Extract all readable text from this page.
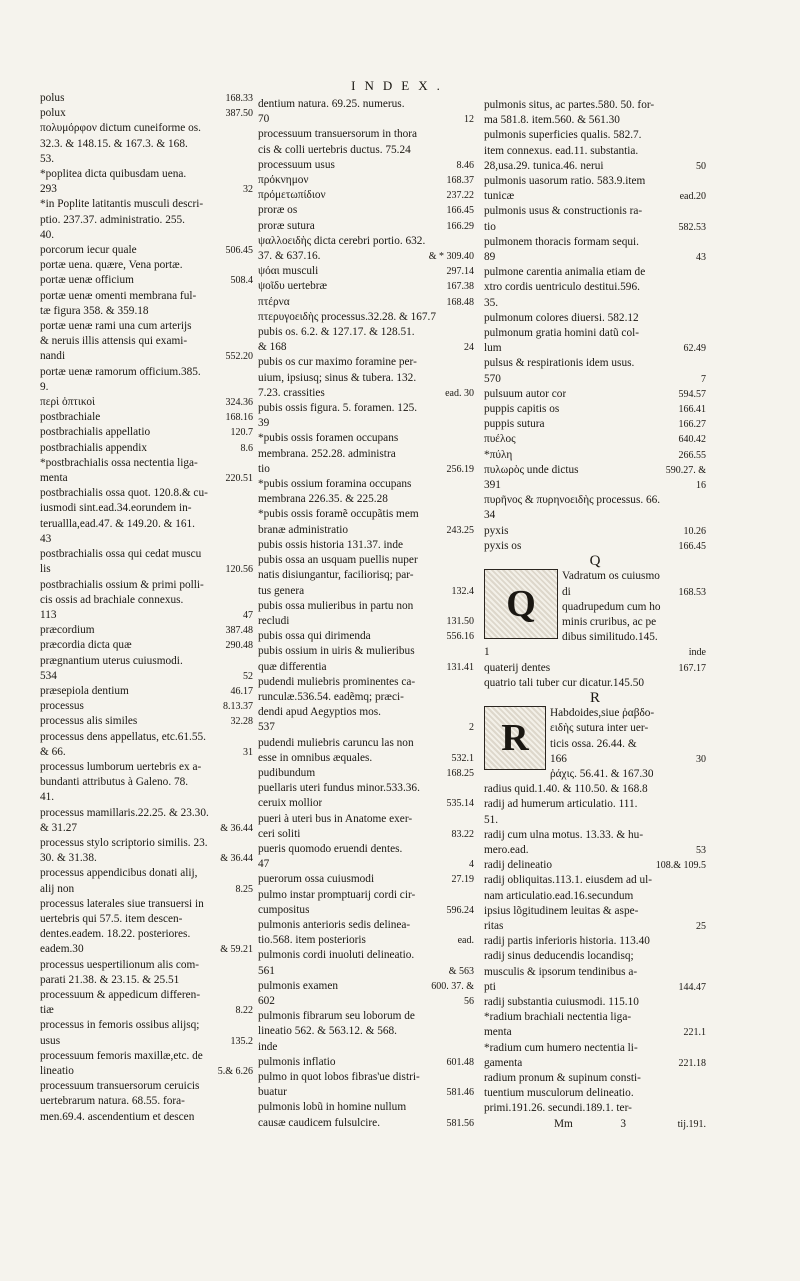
INDEX.
polus	168.33
polux	387.50
πολυμόρφον dictum cuneiforme os.
32.3. & 148.15. & 167.3. & 168.
53.
*poplitea dicta quibusdam uena.
293	32
*in Poplite latitantis musculi descri-
ptio. 237.37. administratio. 255.
40.
porcorum iecur quale	506.45
portæ uena. quære, Vena portæ.
portæ uenæ officium	508.4
portæ uenæ omenti membrana ful-
tæ figura 358. & 359.18
portæ uenæ rami una cum arterijs
& neruis illis attensis qui exami-
nandi	552.20
portæ uenæ ramorum officium.385.
9.
περὶ ὀπτικοὶ	324.36
postbrachiale	168.16
postbrachialis appellatio	120.7
postbrachialis appendix	8.6
*postbrachialis ossa nectentia liga-
menta	220.51
postbrachialis ossa quot. 120.8.& cu-
iusmodi sint.ead.34.eorundem in-
teruallla,ead.47. & 149.20. & 161.
43
postbrachialis ossa qui cedat muscu
lis	120.56
postbrachialis ossium & primi polli-
cis ossis ad brachiale connexus.
113	47
præcordium	387.48
præcordia dicta quæ	290.48
prægnantium uterus cuiusmodi.
534	52
præsepiola dentium	46.17
processus	8.13.37
processus alis similes	32.28
processus dens appellatus, etc.61.55.
& 66.	31
processus lumborum uertebris ex a-
bundanti attributus à Galeno. 78.
41.
processus mamillaris.22.25. & 23.30.
& 31.27	& 36.44
processus stylo scriptorio similis. 23.
30. & 31.38.	& 36.44
processus appendicibus donati alij,
alij non	8.25
processus laterales siue transuersi in
uertebris qui 57.5. item descen-
dentes.eadem. 18.22. posteriores.
eadem.30	& 59.21
processus uespertilionum alis com-
parati 21.38. & 23.15. & 25.51
processuum & appedicum differen-
tiæ	8.22
processus in femoris ossibus alijsq;
usus	135.2
processuum femoris maxillæ,etc. de
lineatio	5.& 6.26
processuum transuersorum ceruicis
uertebrarum natura. 68.55. fora-
men.69.4. ascendentium et descen
dentium natura. 69.25. numerus.
70	12
processuum transuersorum in thora
cis & colli uertebris ductus. 75.24
processuum usus	8.46
πρόκνημον	168.37
πρόμετωπίδιον	237.22
proræ os	166.45
proræ sutura	166.29
ψαλλοειδὴς dicta cerebri portio. 632.
37. & 637.16.	& * 309.40
ψόαι musculi	297.14
ψοῖδυ uertebræ	167.38
πτέρνα	168.48
πτερυγοειδὴς processus.32.28. & 167.7
pubis os. 6.2. & 127.17. & 128.51.
& 168	24
pubis os cur maximo foramine per-
uium, ipsiusq; sinus & tubera. 132.
7.23. crassities	ead. 30
pubis ossis figura. 5. foramen. 125.
39
*pubis ossis foramen occupans
membrana. 252.28. administra
tio	256.19
*pubis ossium foramina occupans
membrana 226.35. & 225.28
*pubis ossis foramẽ occupãtis mem
branæ administratio	243.25
pubis ossis historia 131.37. inde
pubis ossa an usquam puellis nuper
natis disiungantur, faciliorisq; par-
tus genera	132.4
pubis ossa mulieribus in partu non
recludi	131.50
pubis ossa qui dirimenda	556.16
pubis ossium in uiris & mulieribus
quæ differentia	131.41
pudendi muliebris prominentes ca-
runculæ.536.54. eadẽmq; præci-
dendi apud Aegyptios mos.
537	2
pudendi muliebris caruncu las non
esse in omnibus æquales.	532.1
pudibundum	168.25
puellaris uteri fundus minor.533.36.
ceruix mollior	535.14
pueri à uteri bus in Anatome exer-
ceri soliti	83.22
pueris quomodo eruendi dentes.
47	4
puerorum ossa cuiusmodi	27.19
pulmo instar promptuarij cordi cir-
cumpositus	596.24
pulmonis anterioris sedis delinea-
tio.568. item posterioris	ead.
pulmonis cordi inuoluti delineatio.
561	& 563
pulmonis examen	600. 37. &
602	56
pulmonis fibrarum seu loborum de
lineatio 562. & 563.12. & 568.
inde
pulmonis inflatio	601.48
pulmo in quot lobos fibras'ue distri-
buatur	581.46
pulmonis lobũ in homine nullum
causæ caudicem fulsulcire.	581.56
pulmonis situs, ac partes.580. 50. for-
ma 581.8. item.560. & 561.30
pulmonis superficies qualis. 582.7.
item connexus. ead.11. substantia.
28,usa.29. tunica.46. nerui	50
pulmonis uasorum ratio. 583.9.item
tunicæ	ead.20
pulmonis usus & constructionis ra-
tio	582.53
pulmonem thoracis formam sequi.
89	43
pulmone carentia animalia etiam de
xtro cordis uentriculo destitui.596.
35.
pulmonum colores diuersi. 582.12
pulmonum gratia homini datũ col-
lum	62.49
pulsus & respirationis idem usus.
570	7
pulsuum autor cor	594.57
puppis capitis os	166.41
puppis sutura	166.27
πυέλος	640.42
*πύλη	266.55
πυλωρὸς unde dictus	590.27. &
391	16
πυρῆνος & πυρηνοειδὴς processus. 66.
34
pyxis	10.26
pyxis os	166.45
Q
Q
Vadratum os cuiusmo
di	168.53
quadrupedum cum ho
minis cruribus, ac pe
dibus similitudo.145.
1	inde
quaterij dentes	167.17
quatrio tali tuber cur dicatur.145.50
R
R
Habdoides,siue ῥαβδο-
ειδὴς sutura inter uer-
ticis ossa. 26.44. &
166	30
ῥάχις. 56.41. & 167.30
radius quid.1.40. & 110.50. & 168.8
radij ad humerum articulatio. 111.
51.
radij cum ulna motus. 13.33. & hu-
mero.ead.	53
radij delineatio	108.& 109.5
radij obliquitas.113.1. eiusdem ad ul-
nam articulatio.ead.16.secundum
ipsius lõgitudinem leuitas & aspe-
ritas	25
radij partis inferioris historia. 113.40
radij sinus deducendis locandisq;
musculis & ipsorum tendinibus a-
pti	144.47
radij substantia cuiusmodi. 115.10
*radium brachiali nectentia liga-
menta	221.1
*radium cum humero nectentia li-
gamenta	221.18
radium pronum & supinum consti-
tuentium musculorum delineatio.
primi.191.26. secundi.189.1. ter-
Mm	3	tij.191.
